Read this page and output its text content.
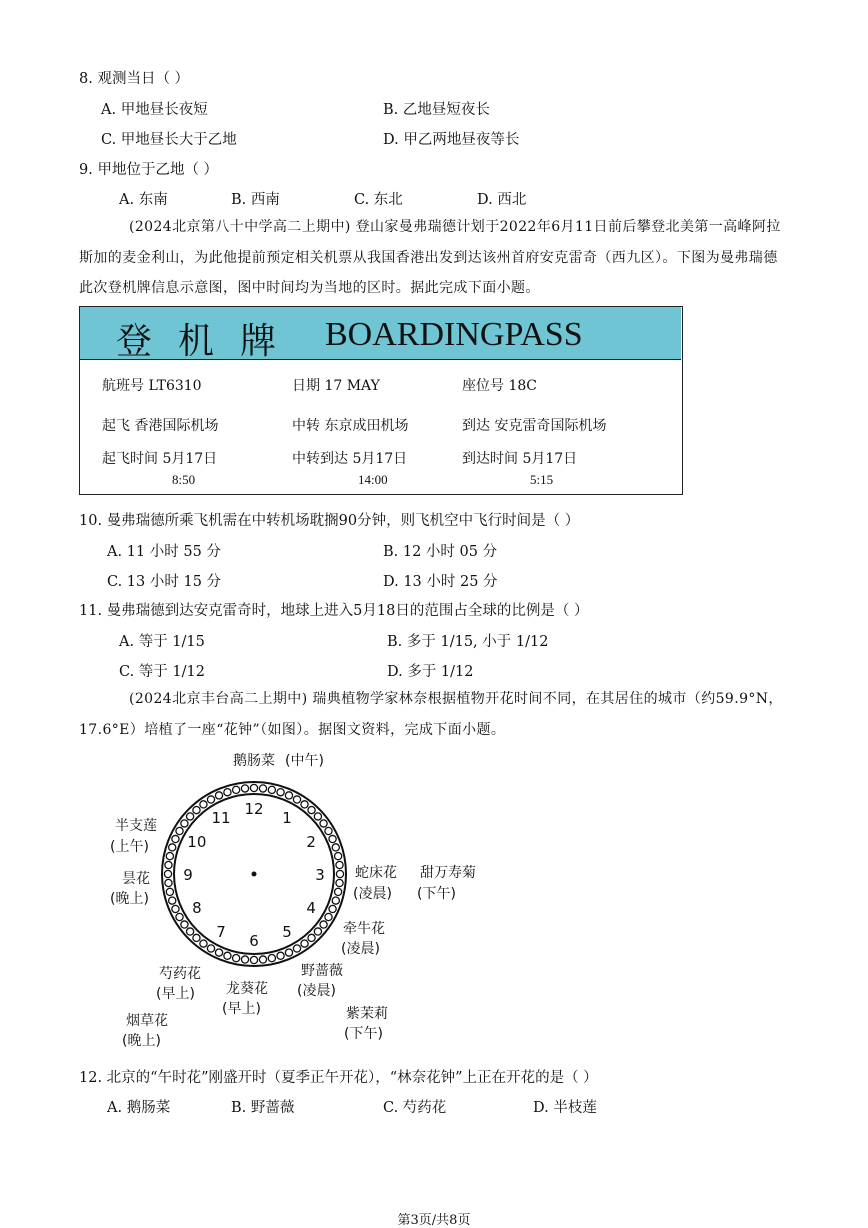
8. 观测当日（ ）
A. 甲地昼长夜短	B. 乙地昼短夜长
C. 甲地昼长大于乙地	D. 甲乙两地昼夜等长
9. 甲地位于乙地（ ）
A. 东南	B. 西南	C. 东北	D. 西北
(2024北京第八十中学高二上期中) 登山家曼弗瑞德计划于2022年6月11日前后攀登北美第一高峰阿拉斯加的麦金利山，为此他提前预定相关机票从我国香港出发到达该州首府安克雷奇（西九区）。下图为曼弗瑞德此次登机牌信息示意图，图中时间均为当地的区时。据此完成下面小题。
登机牌 BOARDINGPASS
航班号 LT6310	日期 17 MAY	座位号 18C
起飞 香港国际机场	中转 东京成田机场	到达 安克雷奇国际机场
起飞时间 5月17日	中转到达 5月17日	到达时间 5月17日
8:50	14:00	5:15
10. 曼弗瑞德所乘飞机需在中转机场耽搁90分钟，则飞机空中飞行时间是（ ）
A. 11 小时 55 分	B. 12 小时 05 分
C. 13 小时 15 分	D. 13 小时 25 分
11. 曼弗瑞德到达安克雷奇时，地球上进入5月18日的范围占全球的比例是（ ）
A. 等于 1/15	B. 多于 1/15, 小于 1/12
C. 等于 1/12	D. 多于 1/12
(2024北京丰台高二上期中) 瑞典植物学家林奈根据植物开花时间不同，在其居住的城市（约59.9°N，17.6°E）培植了一座“花钟”（如图）。据图文资料，完成下面小题。
12 1
2
3
4
5
6
7
8
9
10
11
鹅肠菜 (中午)
半支莲
(上午)
昙花
(晚上)
蛇床花
(凌晨)
甜万寿菊
(下午)
牵牛花
(凌晨)
芍药花
(早上)
野蔷薇
(凌晨)
龙葵花
(早上)	紫茉莉
(下午)
烟草花
(晚上)
12. 北京的“午时花”刚盛开时（夏季正午开花），“林奈花钟”上正在开花的是（ ）
A. 鹅肠菜	B. 野蔷薇	C. 芍药花	D. 半枝莲
第3页/共8页
